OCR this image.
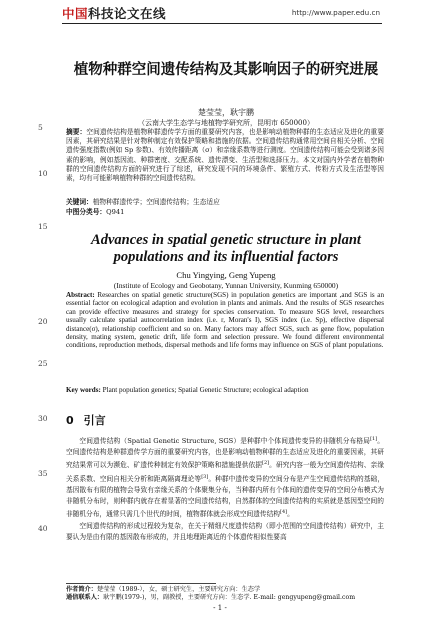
中国科技论文在线	http://www.paper.edu.cn
5
10
15
20
25
30
35
40
植物种群空间遗传结构及其影响因子的研究进展
楚莹莹，耿宇鹏
（云南大学生态学与地植物学研究所，昆明市 650000）
摘要：空间遗传结构是植物种群遗传学方面的重要研究内容，也是影响动植物种群的生态适应及进化的重要因素，其研究结果是针对物种制定有效保护策略和措施的依据。空间遗传结构通常用空间自相关分析、空间遗传强度指数(例如 Sp 参数)、有效传播距离（σ）和亲缘系数等进行测度。空间遗传结构可能会受到诸多因素的影响，例如基因流、种群密度、交配系统、遗传漂变、生活型和选择压力。本文对国内外学者在植物种群的空间遗传结构方面的研究进行了综述，研究发现不同的环境条件、繁殖方式、传粉方式及生活型等因素，均有可能影响植物种群的空间遗传结构。
关键词：植物种群遗传学；空间遗传结构；生态适应
中图分类号：Q941
Advances in spatial genetic structure in plant populations and its influential factors
Chu Yingying, Geng Yupeng
(Institute of Ecology and Geobotany, Yunnan University, Kunming 650000)
Abstract: Researches on spatial genetic structure(SGS) in population genetics are important ,and SGS is an essential factor on ecological adaption and evolution in plants and animals. And the results of SGS researches can provide effective measures and strategy for species conservation. To measure SGS level, researchers usually calculate spatial autocorrelation index (i.e. r, Moran's I), SGS index (i.e. Sp), effective dispersal distance(σ), relationship coefficient and so on. Many factors may affect SGS, such as gene flow, population density, mating system, genetic drift, life form and selection pressure. We found different environmental conditions, reproduction methods, dispersal methods and life forms may influence on SGS of plant populations.
Key words: Plant population genetics; Spatial Genetic Structure; ecological adaption
0 引言

空间遗传结构（Spatial Genetic Structure, SGS）是种群中个体间遗传变异的非随机分布格局[1]。空间遗传结构是种群遗传学方面的重要研究内容，也是影响动植物种群的生态适应及进化的重要因素，其研究结果常可以为濒危、矿遗传种制定有效保护策略和措施提供依据[2]。研究内容一般为空间遗传结构、亲缘关系系数、空间自相关分析和距离隔离理论等[3]。种群中遗传变异的空间分布是产生空间遗传结构的基础，基因散布有限的植物会导致有亲缘关系的个体聚集分布，当种群内所有个体间的遗传变异的空间分布模式为非随机分布时，则种群内就存在着显著的空间遗传结构，自然群体的空间遗传结构的实质就是基因型空间的非随机分布，通常只需几个世代的时间，植物群体就会形成空间遗传结构[4]。

空间遗传结构的形成过程较为复杂，在关于精细尺度遗传结构（即小范围的空间遗传结构）研究中，主要认为是由有限的基因散布形成的，并且地理距离近的个体遗传相似性要高

作者简介：楚莹莹（1989-），女，硕士研究生，主要研究方向：生态学
通信联系人：耿宇鹏(1979-)，男，副教授，主要研究方向：生态学. E-mail: gengyupeng@gmail.com
- 1 -
